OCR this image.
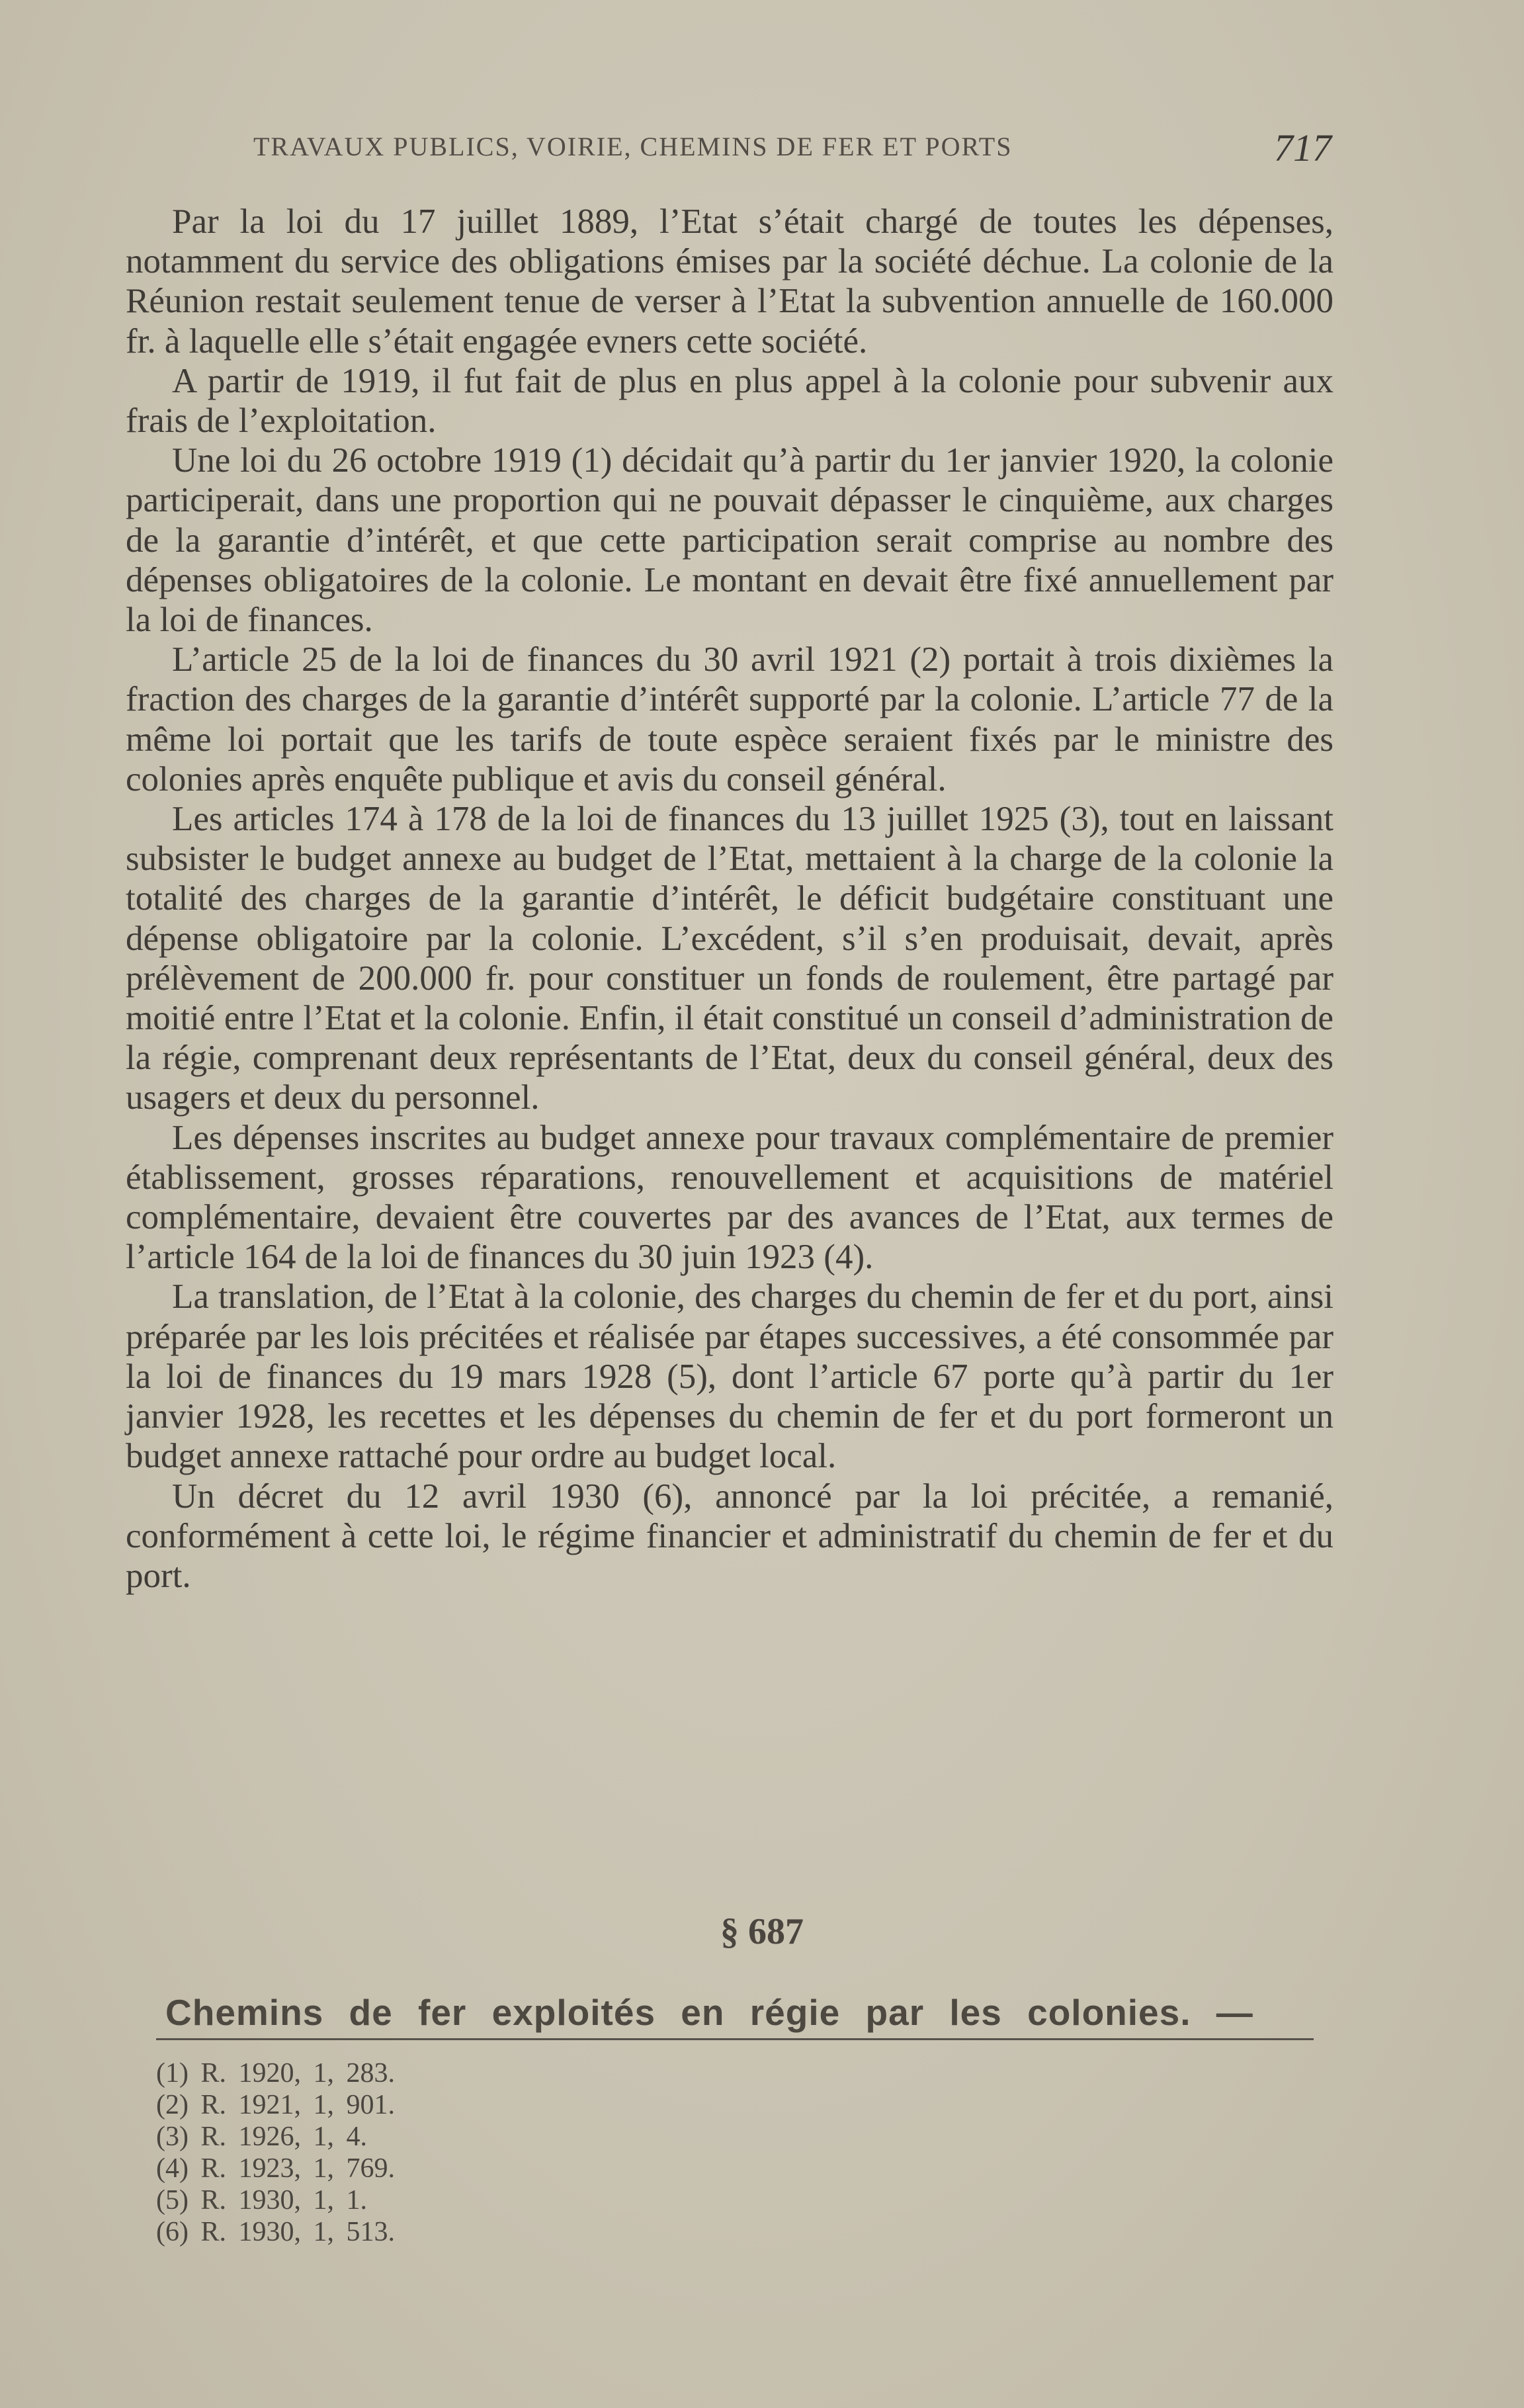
TRAVAUX PUBLICS, VOIRIE, CHEMINS DE FER ET PORTS	717

Par la loi du 17 juillet 1889, l’Etat s’était chargé de toutes les dépenses, notamment du service des obligations émises par la société déchue. La colonie de la Réunion restait seulement tenue de verser à l’Etat la subvention annuelle de 160.000 fr. à laquelle elle s’était engagée evners cette société.

A partir de 1919, il fut fait de plus en plus appel à la colonie pour subvenir aux frais de l’exploitation.

Une loi du 26 octobre 1919 (1) décidait qu’à partir du 1er janvier 1920, la colonie participerait, dans une proportion qui ne pouvait dépasser le cinquième, aux charges de la garantie d’intérêt, et que cette participation serait comprise au nombre des dépenses obligatoires de la colonie. Le montant en devait être fixé annuellement par la loi de finances.

L’article 25 de la loi de finances du 30 avril 1921 (2) portait à trois dixièmes la fraction des charges de la garantie d’intérêt supporté par la colonie. L’article 77 de la même loi portait que les tarifs de toute espèce seraient fixés par le ministre des colonies après enquête publique et avis du conseil général.

Les articles 174 à 178 de la loi de finances du 13 juillet 1925 (3), tout en laissant subsister le budget annexe au budget de l’Etat, mettaient à la charge de la colonie la totalité des charges de la garantie d’intérêt, le déficit budgétaire constituant une dépense obligatoire par la colonie. L’excédent, s’il s’en produisait, devait, après prélèvement de 200.000 fr. pour constituer un fonds de roulement, être partagé par moitié entre l’Etat et la colonie. Enfin, il était constitué un conseil d’administration de la régie, comprenant deux représentants de l’Etat, deux du conseil général, deux des usagers et deux du personnel.

Les dépenses inscrites au budget annexe pour travaux complémentaire de premier établissement, grosses réparations, renouvellement et acquisitions de matériel complémentaire, devaient être couvertes par des avances de l’Etat, aux termes de l’article 164 de la loi de finances du 30 juin 1923 (4).

La translation, de l’Etat à la colonie, des charges du chemin de fer et du port, ainsi préparée par les lois précitées et réalisée par étapes successives, a été consommée par la loi de finances du 19 mars 1928 (5), dont l’article 67 porte qu’à partir du 1er janvier 1928, les recettes et les dépenses du chemin de fer et du port formeront un budget annexe rattaché pour ordre au budget local.

Un décret du 12 avril 1930 (6), annoncé par la loi précitée, a remanié, conformément à cette loi, le régime financier et administratif du chemin de fer et du port.

§ 687
Chemins de fer exploités en régie par les colonies. —
(1) R. 1920, 1, 283.
(2) R. 1921, 1, 901.
(3) R. 1926, 1, 4.
(4) R. 1923, 1, 769.
(5) R. 1930, 1, 1.
(6) R. 1930, 1, 513.
